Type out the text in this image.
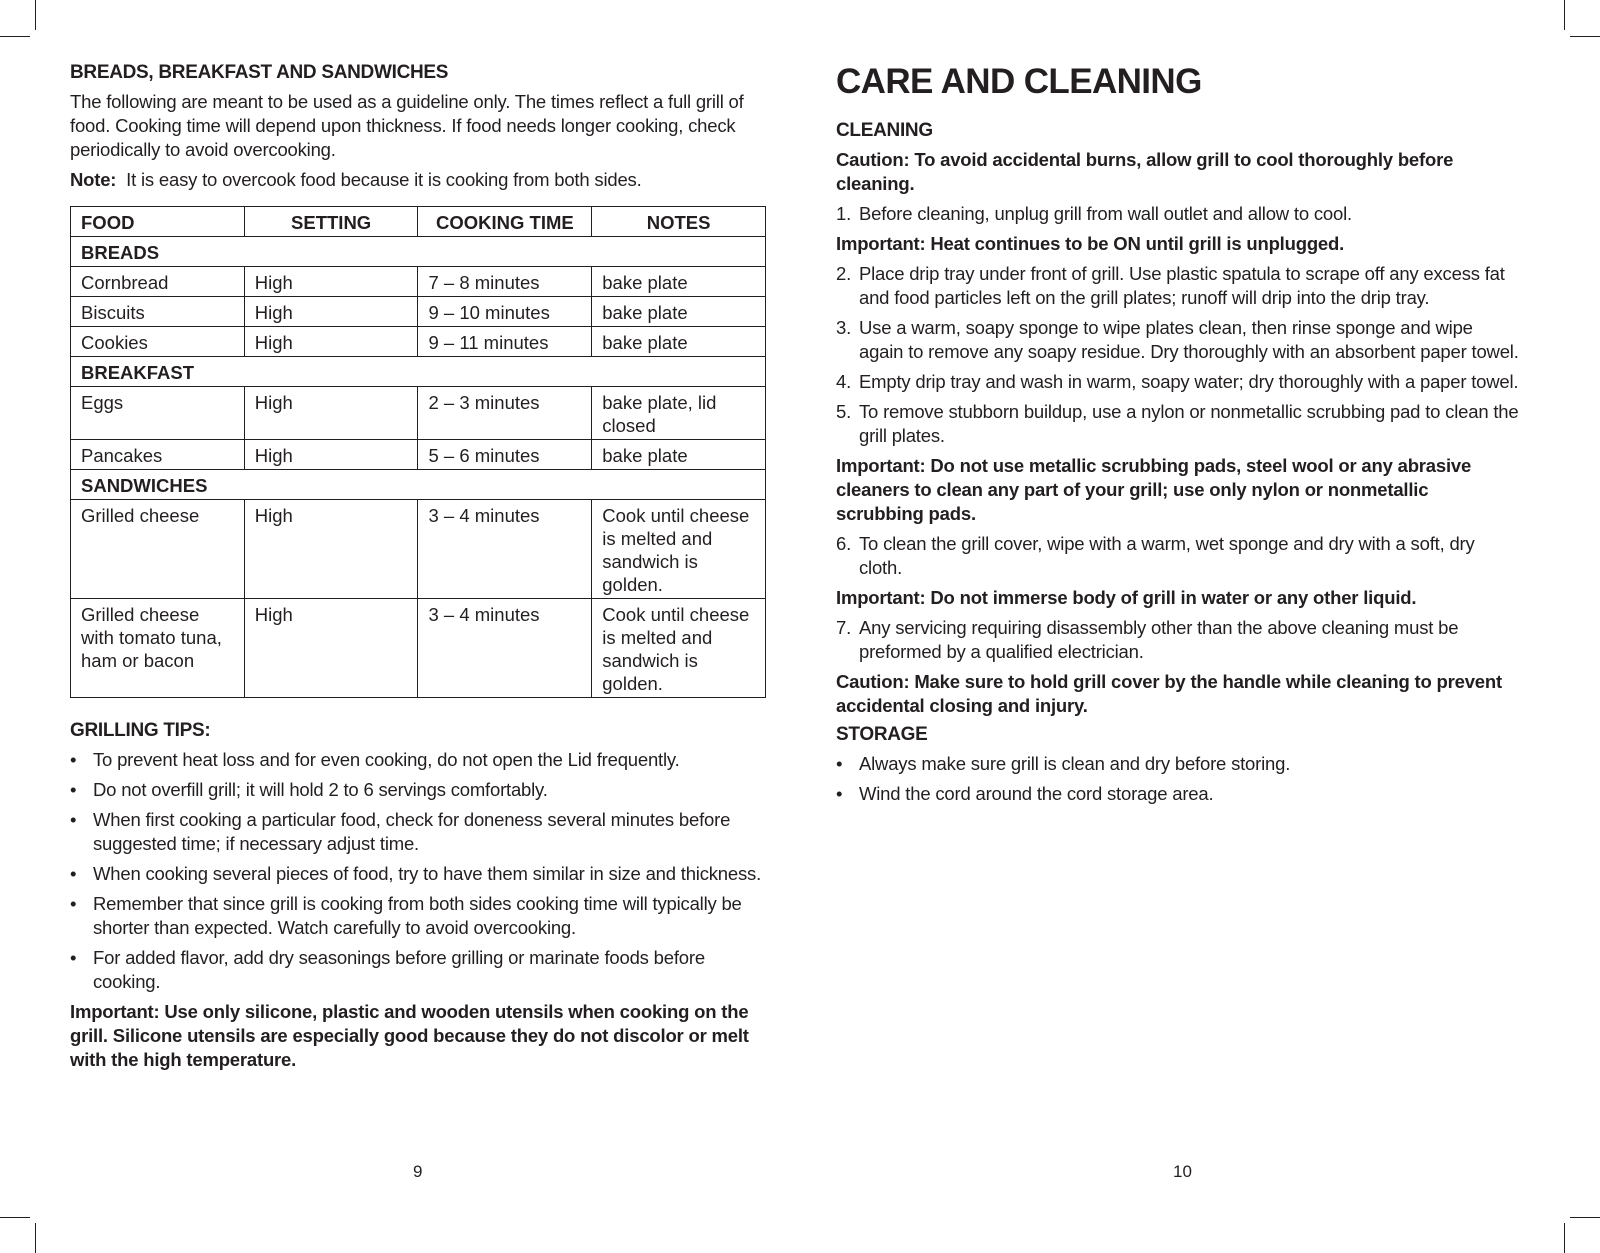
BREADS, BREAKFAST AND SANDWICHES

The following are meant to be used as a guideline only. The times reflect a full grill of food. Cooking time will depend upon thickness. If food needs longer cooking, check periodically to avoid overcooking.

Note: It is easy to overcook food because it is cooking from both sides.

FOOD	SETTING	COOKING TIME	NOTES
BREADS			
Cornbread	High	7 – 8 minutes	bake plate
Biscuits	High	9 – 10 minutes	bake plate
Cookies	High	9 – 11 minutes	bake plate
BREAKFAST			
Eggs	High	2 – 3 minutes	bake plate, lid closed
Pancakes	High	5 – 6 minutes	bake plate
SANDWICHES			
Grilled cheese	High	3 – 4 minutes	Cook until cheese is melted and sandwich is golden.
Grilled cheese with tomato tuna, ham or bacon	High	3 – 4 minutes	Cook until cheese is melted and sandwich is golden.
GRILLING TIPS:
• To prevent heat loss and for even cooking, do not open the Lid frequently.
• Do not overfill grill; it will hold 2 to 6 servings comfortably.
• When first cooking a particular food, check for doneness several minutes before suggested time; if necessary adjust time.
• When cooking several pieces of food, try to have them similar in size and thickness.
• Remember that since grill is cooking from both sides cooking time will typically be shorter than expected. Watch carefully to avoid overcooking.
• For added flavor, add dry seasonings before grilling or marinate foods before cooking.

Important: Use only silicone, plastic and wooden utensils when cooking on the grill. Silicone utensils are especially good because they do not discolor or melt with the high temperature.

9
CARE AND CLEANING
CLEANING

Caution: To avoid accidental burns, allow grill to cool thoroughly before cleaning.

1. Before cleaning, unplug grill from wall outlet and allow to cool.

Important: Heat continues to be ON until grill is unplugged.

2. Place drip tray under front of grill. Use plastic spatula to scrape off any excess fat and food particles left on the grill plates; runoff will drip into the drip tray.
3. Use a warm, soapy sponge to wipe plates clean, then rinse sponge and wipe again to remove any soapy residue. Dry thoroughly with an absorbent paper towel.
4. Empty drip tray and wash in warm, soapy water; dry thoroughly with a paper towel.
5. To remove stubborn buildup, use a nylon or nonmetallic scrubbing pad to clean the grill plates.

Important: Do not use metallic scrubbing pads, steel wool or any abrasive cleaners to clean any part of your grill; use only nylon or nonmetallic scrubbing pads.

6. To clean the grill cover, wipe with a warm, wet sponge and dry with a soft, dry cloth.

Important: Do not immerse body of grill in water or any other liquid.

7. Any servicing requiring disassembly other than the above cleaning must be preformed by a qualified electrician.

Caution: Make sure to hold grill cover by the handle while cleaning to prevent accidental closing and injury.

STORAGE
• Always make sure grill is clean and dry before storing.
• Wind the cord around the cord storage area.
10
